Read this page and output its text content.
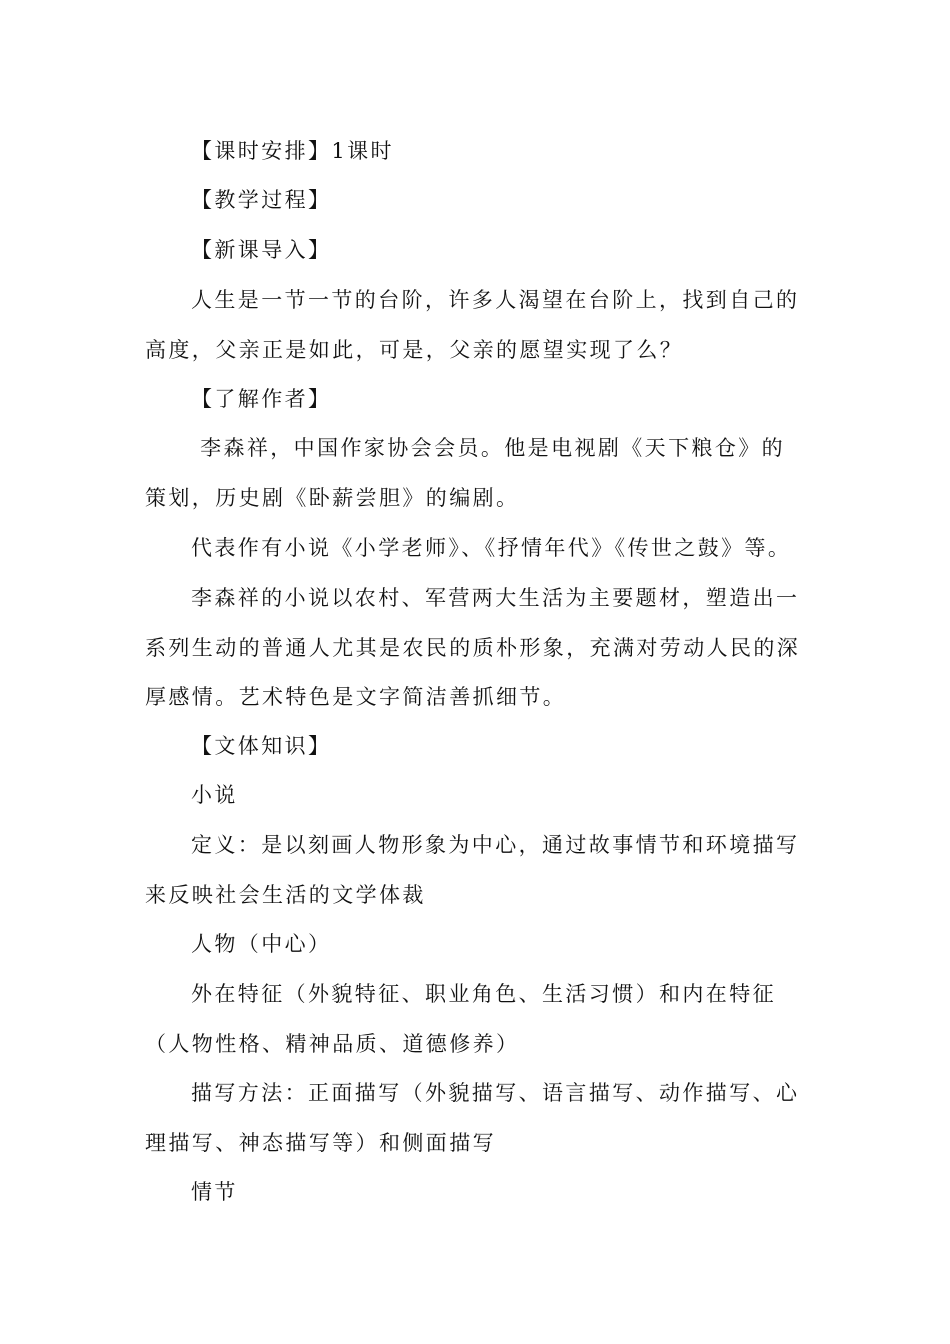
【课时安排】1课时

【教学过程】

【新课导入】

人生是一节一节的台阶，许多人渴望在台阶上，找到自己的高度，父亲正是如此，可是，父亲的愿望实现了么？

【了解作者】

李森祥，中国作家协会会员。他是电视剧《天下粮仓》的策划，历史剧《卧薪尝胆》的编剧。

代表作有小说《小学老师》、《抒情年代》《传世之鼓》等。

李森祥的小说以农村、军营两大生活为主要题材，塑造出一系列生动的普通人尤其是农民的质朴形象，充满对劳动人民的深厚感情。艺术特色是文字简洁善抓细节。

【文体知识】

小说

定义：是以刻画人物形象为中心，通过故事情节和环境描写来反映社会生活的文学体裁

人物（中心）

外在特征（外貌特征、职业角色、生活习惯）和内在特征（人物性格、精神品质、道德修养）

描写方法：正面描写（外貌描写、语言描写、动作描写、心理描写、神态描写等）和侧面描写

情节
